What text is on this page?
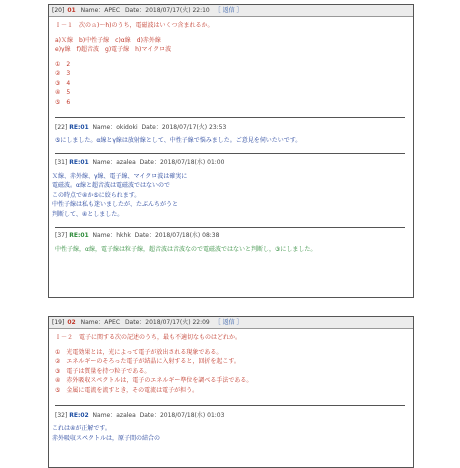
[20] 01 Name：APEC Date：2018/07/17(火) 22:10 ［ 返信 ］
Ｉ－１　次のａ)〜h)のうち，電磁波はいくつ含まれるか。
a)Ｘ線　b)中性子線　c)α線　d)赤外線
e)γ線　f)超音波　g)電子線　h)マイクロ波
①　2
②　3
③　4
④　5
⑤　6
[22] RE:01 Name：okidoki Date：2018/07/17(火) 23:53
⑤にしました。α線とγ線は放射線として、中性子線で悩みました。ご意見を伺いたいです。
[31] RE:01 Name：azalea Date：2018/07/18(水) 01:00
Ｘ線、赤外線、γ線、電子線、マイクロ波は確実に
電磁波。α線と超音波は電磁波ではないので
この時点で④か⑤に絞られます。
中性子線は私も迷いましたが、たぶんちがうと
判断して、④としました。
[37] RE:01 Name：hkhk Date：2018/07/18(水) 08:38
中性子線，α線，電子線は粒子線，超音波は音波なので電磁波ではないと判断し，③にしました。
[19] 02 Name：APEC Date：2018/07/17(火) 22:09 ［ 返信 ］
Ｉ－２　電子に関する次の記述のうち，最も不適切なものはどれか。
①　光電効果とは，光によって電子が放出される現象である。
②　エネルギーのそろった電子が結晶に入射すると，回折を起こす。
③　電子は質量を持つ粒子である。
④　赤外吸収スペクトルは，電子のエネルギー準位を調べる手法である。
⑤　金属に電流を流すとき，その電流は電子が担う。
[32] RE:02 Name：azalea Date：2018/07/18(水) 01:03
これは④が正解です。
赤外吸収スペクトルは，原子間の結合の
